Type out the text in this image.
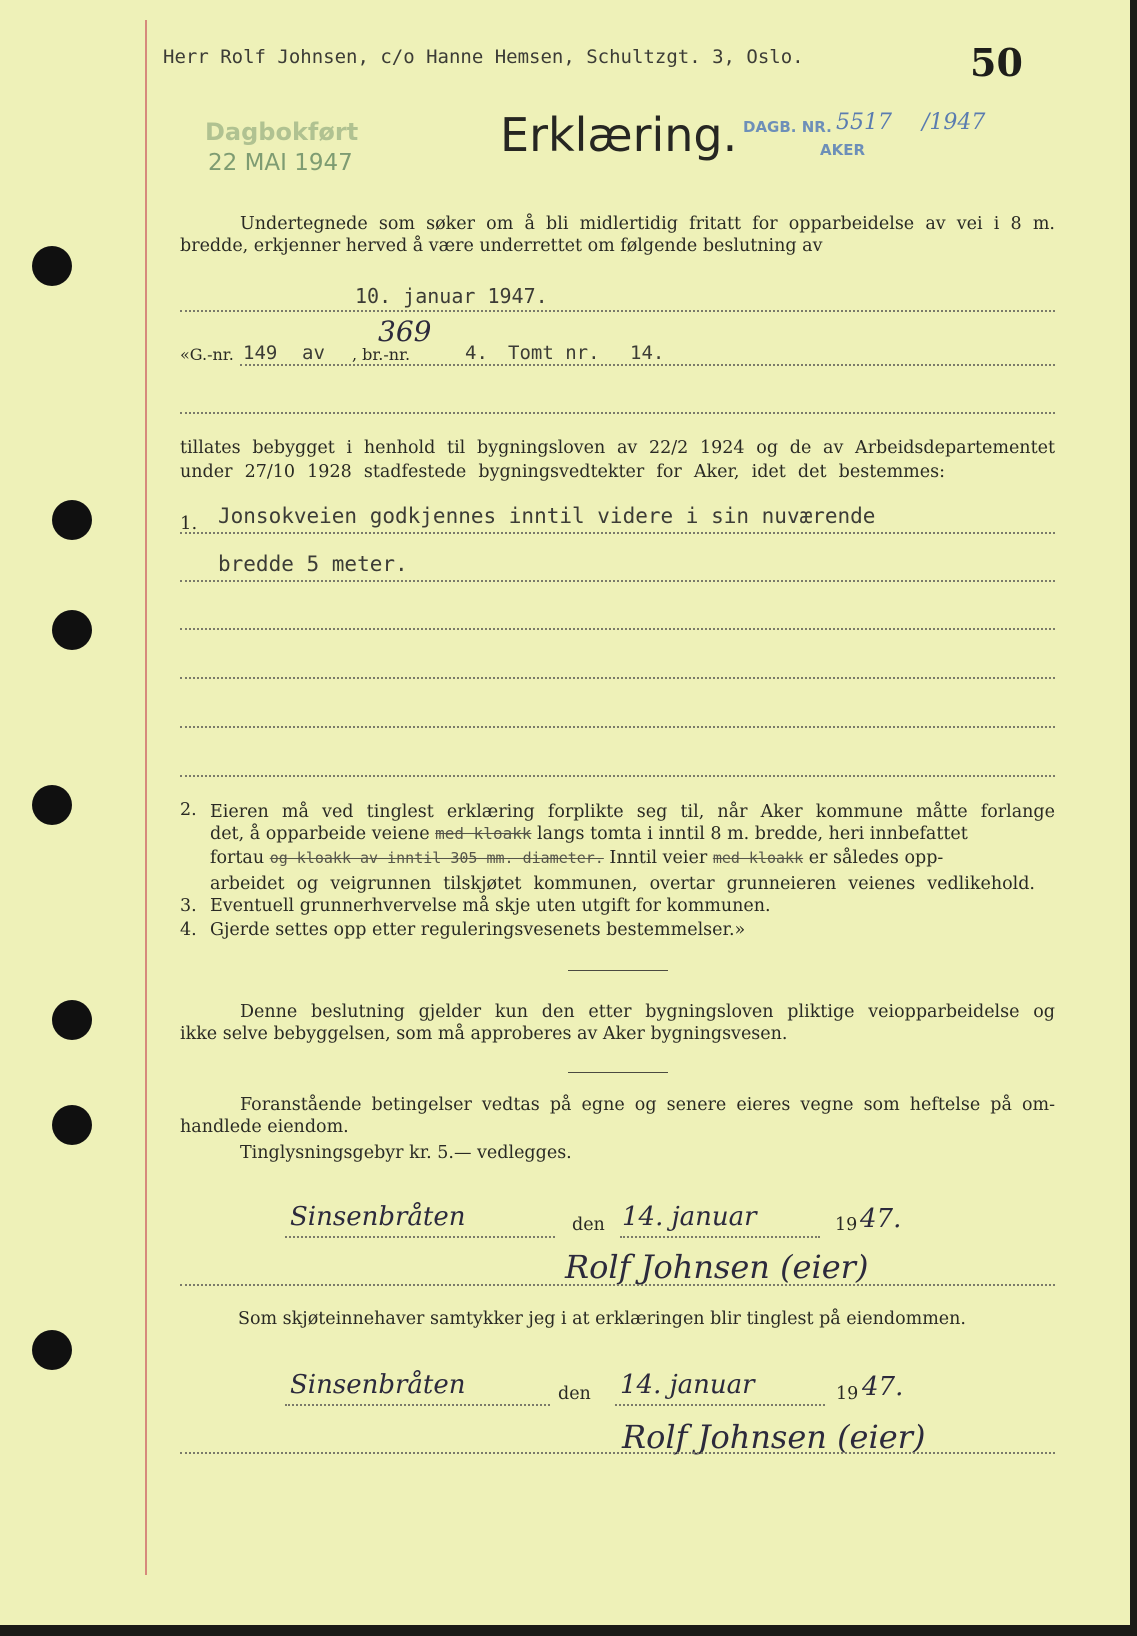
Herr Rolf Johnsen, c/o Hanne Hemsen, Schultzgt. 3, Oslo.	50
Dagbokført
22 MAI 1947
Erklæring. DAGB. NR. 5517 /1947
AKER
Undertegnede som søker om å bli midlertidig fritatt for opparbeidelse av vei i 8 m.
bredde, erkjenner herved å være underrettet om følgende beslutning av
10. januar 1947.
«G.-nr. 149 av
369
, br.-nr.	4. Tomt nr. 14.
tillates bebygget i henhold til bygningsloven av 22/2 1924 og de av Arbeidsdepartementet
under 27/10 1928 stadfestede bygningsvedtekter for Aker, idet det bestemmes:
1. Jonsokveien godkjennes inntil videre i sin nuværende
bredde 5 meter.
2. Eieren må ved tinglest erklæring forplikte seg til, når Aker kommune måtte forlange
det, å opparbeide veiene med kloakk langs tomta i inntil 8 m. bredde, heri innbefattet
fortau og kloakk av inntil 305 mm. diameter. Inntil veier med kloakk er således opp-
arbeidet og veigrunnen tilskjøtet kommunen, overtar grunneieren veienes vedlikehold.
3. Eventuell grunnerhvervelse må skje uten utgift for kommunen.
4. Gjerde settes opp etter reguleringsvesenets bestemmelser.»
Denne beslutning gjelder kun den etter bygningsloven pliktige veiopparbeidelse og
ikke selve bebyggelsen, som må approberes av Aker bygningsvesen.
Foranstående betingelser vedtas på egne og senere eieres vegne som heftelse på om-
handlede eiendom.
Tinglysningsgebyr kr. 5.— vedlegges.
Sinsenbråten	den 14. januar	19 47.
Rolf Johnsen (eier)
Som skjøteinnehaver samtykker jeg i at erklæringen blir tinglest på eiendommen.
Sinsenbråten	den 14. januar	19 47.
Rolf Johnsen (eier)
